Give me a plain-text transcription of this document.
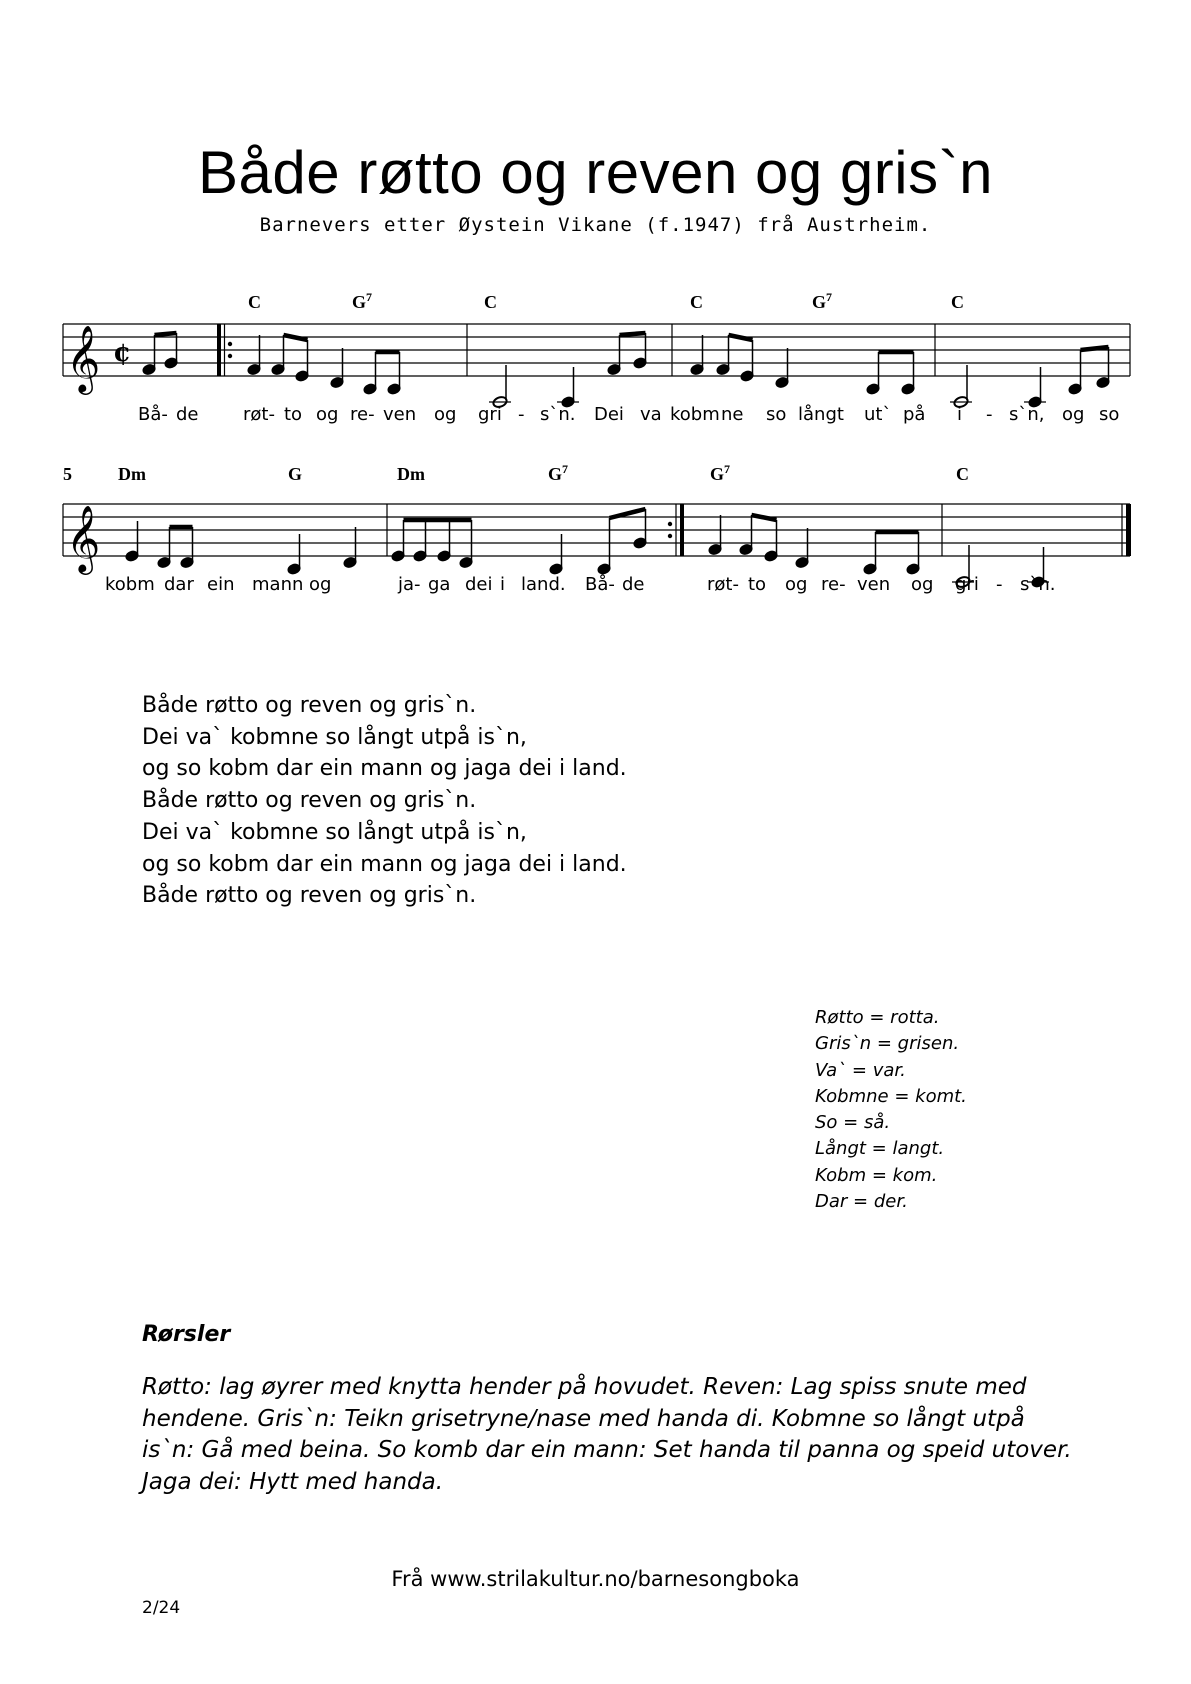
Både røtto og reven og gris`n
Barnevers etter Øystein Vikane (f.1947) frå Austrheim.
𝄞 ¢
C	$G^7$	C	C	$G^7$	C
Bå- de røt- to og re- ven og gri - s`n. Dei va kobm ne so långt ut` på i - s`n, og so
5
𝄞
Dm	G	Dm	$G^7$	$G^7$	C
kobm dar ein mann og	ja- ga dei i land. Bå- de	røt- to og re- ven og gri - s`n.
Både røtto og reven og gris`n.
Dei va` kobmne so långt utpå is`n,
og so kobm dar ein mann og jaga dei i land.
Både røtto og reven og gris`n.
Dei va` kobmne so långt utpå is`n,
og so kobm dar ein mann og jaga dei i land.
Både røtto og reven og gris`n.
Røtto = rotta.
Gris`n = grisen.
Va` = var.
Kobmne = komt.
So = så.
Långt = langt.
Kobm = kom.
Dar = der.
Rørsler
Røtto: lag øyrer med knytta hender på hovudet. Reven: Lag spiss snute med hendene. Gris`n: Teikn grisetryne/nase med handa di. Kobmne so långt utpå is`n: Gå med beina. So komb dar ein mann: Set handa til panna og speid utover. Jaga dei: Hytt med handa.
Frå www.strilakultur.no/barnesongboka
2/24
